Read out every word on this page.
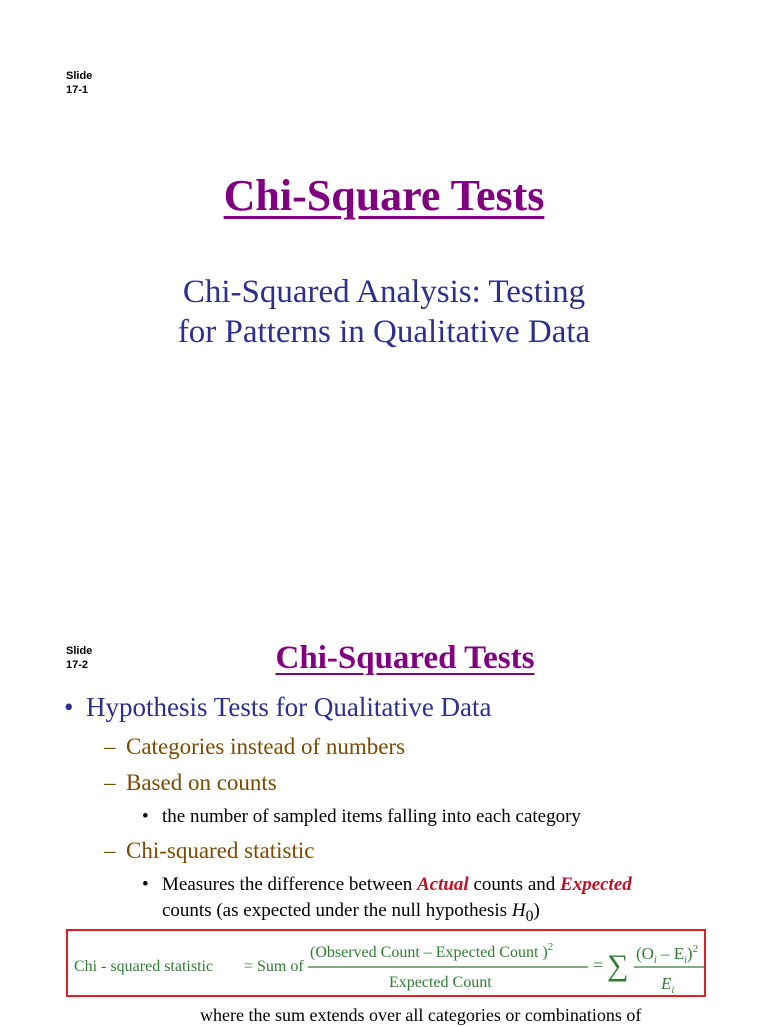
Slide
17-1
Chi-Square Tests
Chi-Squared Analysis: Testing
for Patterns in Qualitative Data
Slide
17-2	Chi-Squared Tests
• Hypothesis Tests for Qualitative Data
– Categories instead of numbers
– Based on counts
• the number of sampled items falling into each category
– Chi-squared statistic
• Measures the difference between Actual counts and Expected
counts (as expected under the null hypothesis $H_0$)
Chi - squared statistic = Sum of
(Observed Count – Expected Count )$^2$
Expected Count
= ∑ $(O_i - E_i)^2$
$E_i$
where the sum extends over all categories or combinations of
